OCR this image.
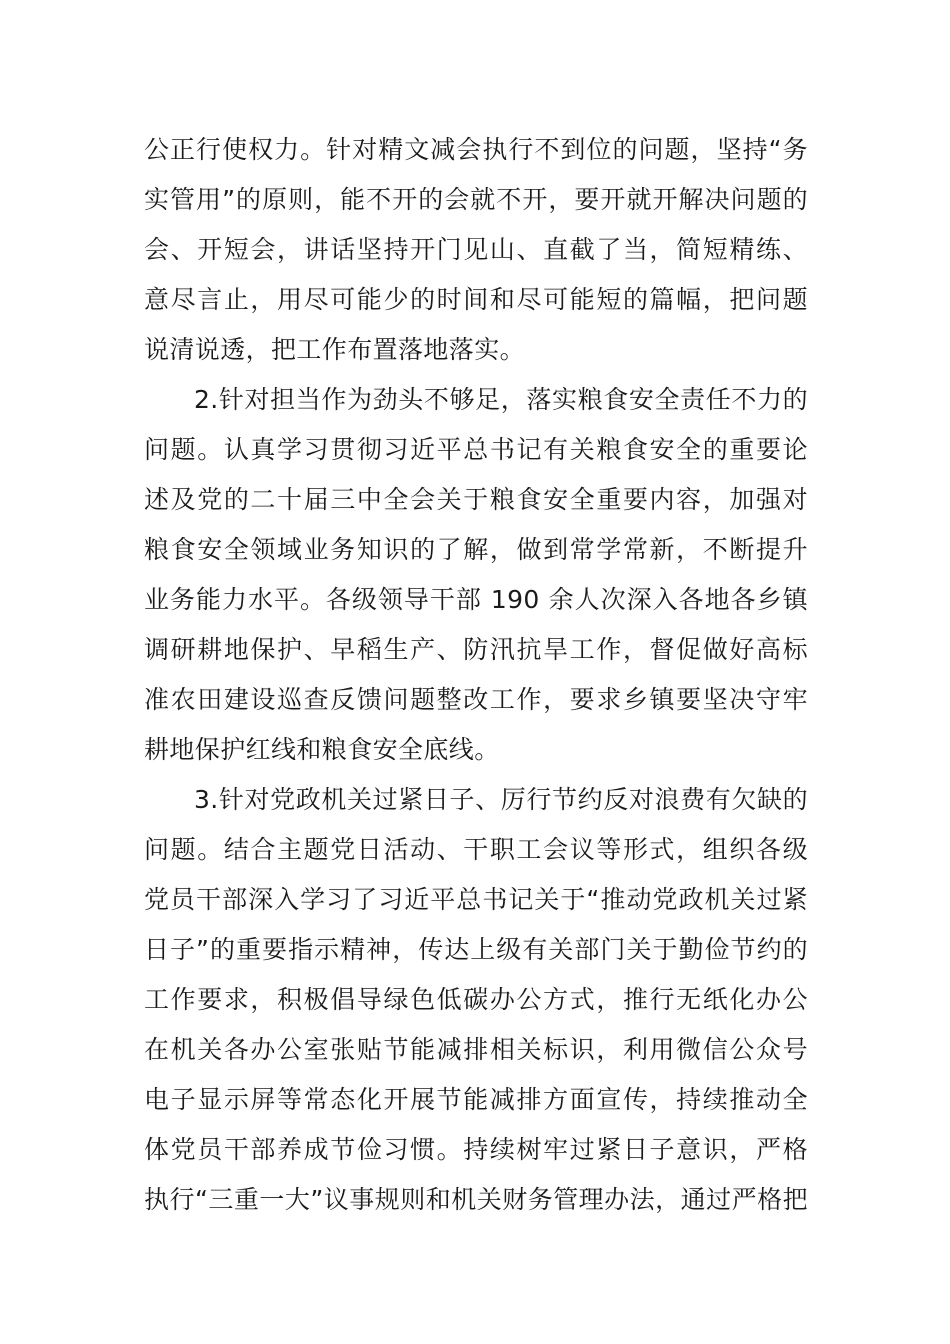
公正行使权力。针对精文减会执行不到位的问题，坚持“务
实管用”的原则，能不开的会就不开，要开就开解决问题的
会、开短会，讲话坚持开门见山、直截了当，简短精练、
意尽言止，用尽可能少的时间和尽可能短的篇幅，把问题
说清说透，把工作布置落地落实。
2.针对担当作为劲头不够足，落实粮食安全责任不力的
问题。认真学习贯彻习近平总书记有关粮食安全的重要论
述及党的二十届三中全会关于粮食安全重要内容，加强对
粮食安全领域业务知识的了解，做到常学常新，不断提升
业务能力水平。各级领导干部 190 余人次深入各地各乡镇
调研耕地保护、早稻生产、防汛抗旱工作，督促做好高标
准农田建设巡查反馈问题整改工作，要求乡镇要坚决守牢
耕地保护红线和粮食安全底线。
3.针对党政机关过紧日子、厉行节约反对浪费有欠缺的
问题。结合主题党日活动、干职工会议等形式，组织各级
党员干部深入学习了习近平总书记关于“推动党政机关过紧
日子”的重要指示精神，传达上级有关部门关于勤俭节约的
工作要求，积极倡导绿色低碳办公方式，推行无纸化办公
在机关各办公室张贴节能减排相关标识，利用微信公众号
电子显示屏等常态化开展节能减排方面宣传，持续推动全
体党员干部养成节俭习惯。持续树牢过紧日子意识，严格
执行“三重一大”议事规则和机关财务管理办法，通过严格把
